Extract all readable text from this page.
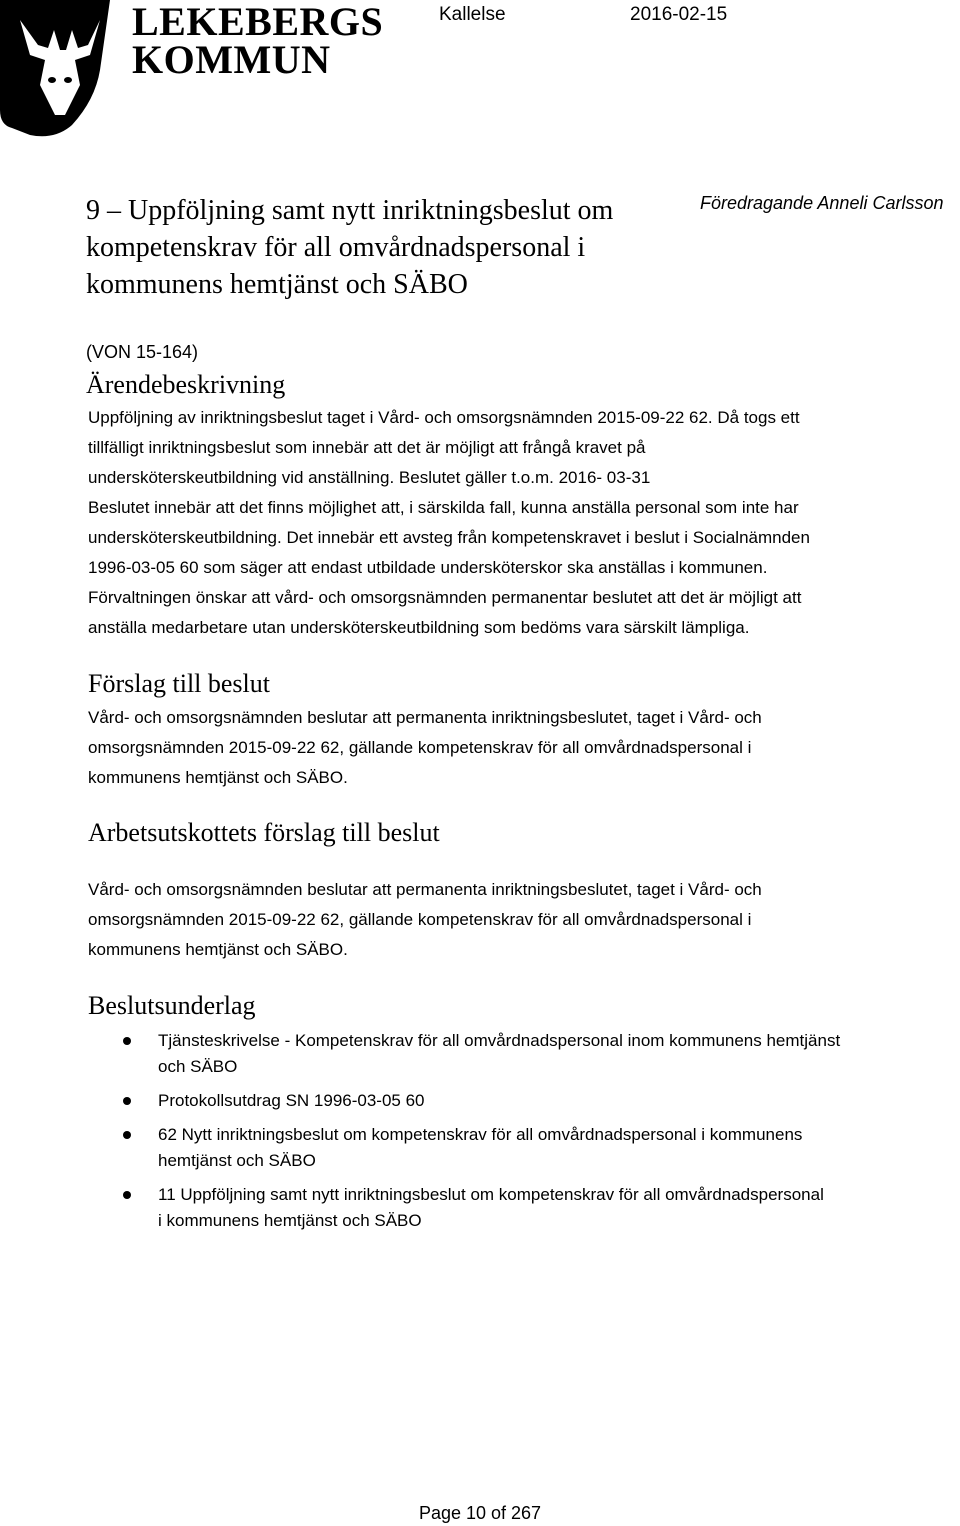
LEKEBERGS
KOMMUN
Kallelse	2016-02-15
9 – Uppföljning samt nytt inriktningsbeslut om kompetenskrav för all omvårdnadspersonal i kommunens hemtjänst och SÄBO
(VON 15-164)
Föredragande Anneli Carlsson
Ärendebeskrivning

Uppföljning av inriktningsbeslut taget i Vård- och omsorgsnämnden 2015-09-22 62. Då togs ett

tillfälligt inriktningsbeslut som innebär att det är möjligt att frångå kravet på

undersköterskeutbildning vid anställning. Beslutet gäller t.o.m. 2016- 03-31

Beslutet innebär att det finns möjlighet att, i särskilda fall, kunna anställa personal som inte har

undersköterskeutbildning. Det innebär ett avsteg från kompetenskravet i beslut i Socialnämnden

1996-03-05 60 som säger att endast utbildade undersköterskor ska anställas i kommunen.

Förvaltningen önskar att vård- och omsorgsnämnden permanentar beslutet att det är möjligt att

anställa medarbetare utan undersköterskeutbildning som bedöms vara särskilt lämpliga.

Förslag till beslut

Vård- och omsorgsnämnden beslutar att permanenta inriktningsbeslutet, taget i Vård- och

omsorgsnämnden 2015-09-22 62, gällande kompetenskrav för all omvårdnadspersonal i

kommunens hemtjänst och SÄBO.

Arbetsutskottets förslag till beslut

Vård- och omsorgsnämnden beslutar att permanenta inriktningsbeslutet, taget i Vård- och

omsorgsnämnden 2015-09-22 62, gällande kompetenskrav för all omvårdnadspersonal i

kommunens hemtjänst och SÄBO.

Beslutsunderlag
Tjänsteskrivelse - Kompetenskrav för all omvårdnadspersonal inom kommunens hemtjänst
och SÄBO
Protokollsutdrag SN 1996-03-05 60
62 Nytt inriktningsbeslut om kompetenskrav för all omvårdnadspersonal i kommunens
hemtjänst och SÄBO
11 Uppföljning samt nytt inriktningsbeslut om kompetenskrav för all omvårdnadspersonal
i kommunens hemtjänst och SÄBO
Page 10 of 267
